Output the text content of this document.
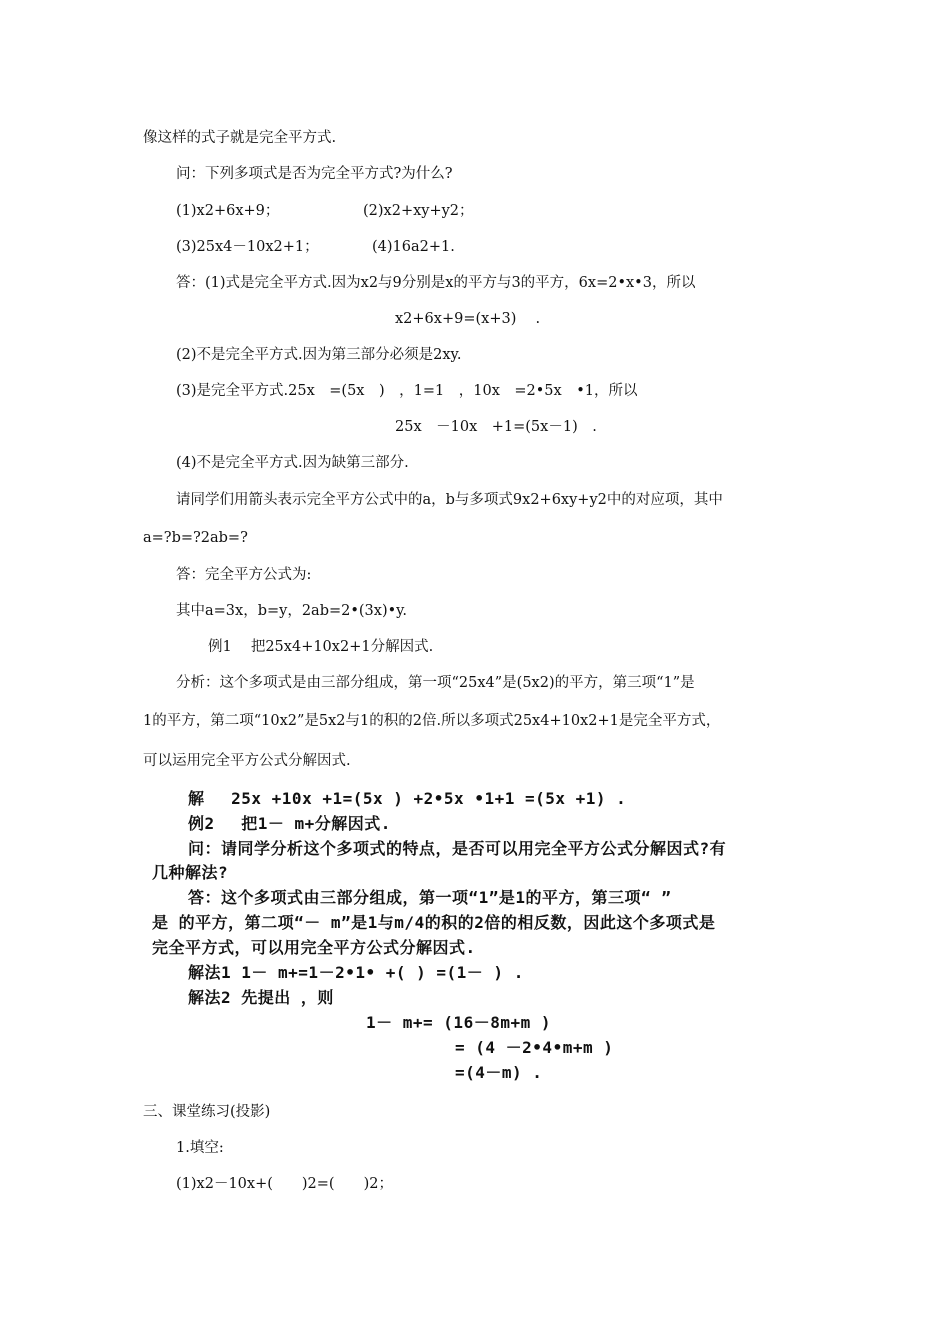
像这样的式子就是完全平方式.
问：下列多项式是否为完全平方式?为什么?
(1)x2+6x+9；	(2)x2+xy+y2；
(3)25x4－10x2+1；	(4)16a2+1.
答：(1)式是完全平方式.因为x2与9分别是x的平方与3的平方，6x=2•x•3，所以
x2+6x+9=(x+3)　 .
(2)不是完全平方式.因为第三部分必须是2xy.
(3)是完全平方式.25x　=(5x　)　，1=1　，10x　=2•5x　•1，所以
25x　－10x　+1=(5x－1)　.
(4)不是完全平方式.因为缺第三部分.
请同学们用箭头表示完全平方公式中的a，b与多项式9x2+6xy+y2中的对应项，其中
a=?b=?2ab=?
答：完全平方公式为:
其中a=3x，b=y，2ab=2•(3x)•y.
例1　 把25x4+10x2+1分解因式.
分析：这个多项式是由三部分组成，第一项“25x4”是(5x2)的平方，第三项“1”是
1的平方，第二项“10x2”是5x2与1的积的2倍.所以多项式25x4+10x2+1是完全平方式，
可以运用完全平方公式分解因式.
解　 25x +10x +1=(5x ) +2•5x •1+1 =(5x +1) .
例2　 把1－ m+分解因式.
问：请同学分析这个多项式的特点，是否可以用完全平方公式分解因式?有
几种解法?
答：这个多项式由三部分组成，第一项“1”是1的平方，第三项“ ”
是 的平方，第二项“－ m”是1与m/4的积的2倍的相反数，因此这个多项式是
完全平方式，可以用完全平方公式分解因式.
解法1 1－ m+=1－2•1• +( ) =(1－ ) .
解法2 先提出 ，则
1－ m+= (16－8m+m )
= (4 －2•4•m+m )
=(4－m) .
三、课堂练习(投影)
1.填空:
(1)x2－10x+(　　)2=(　　)2；
